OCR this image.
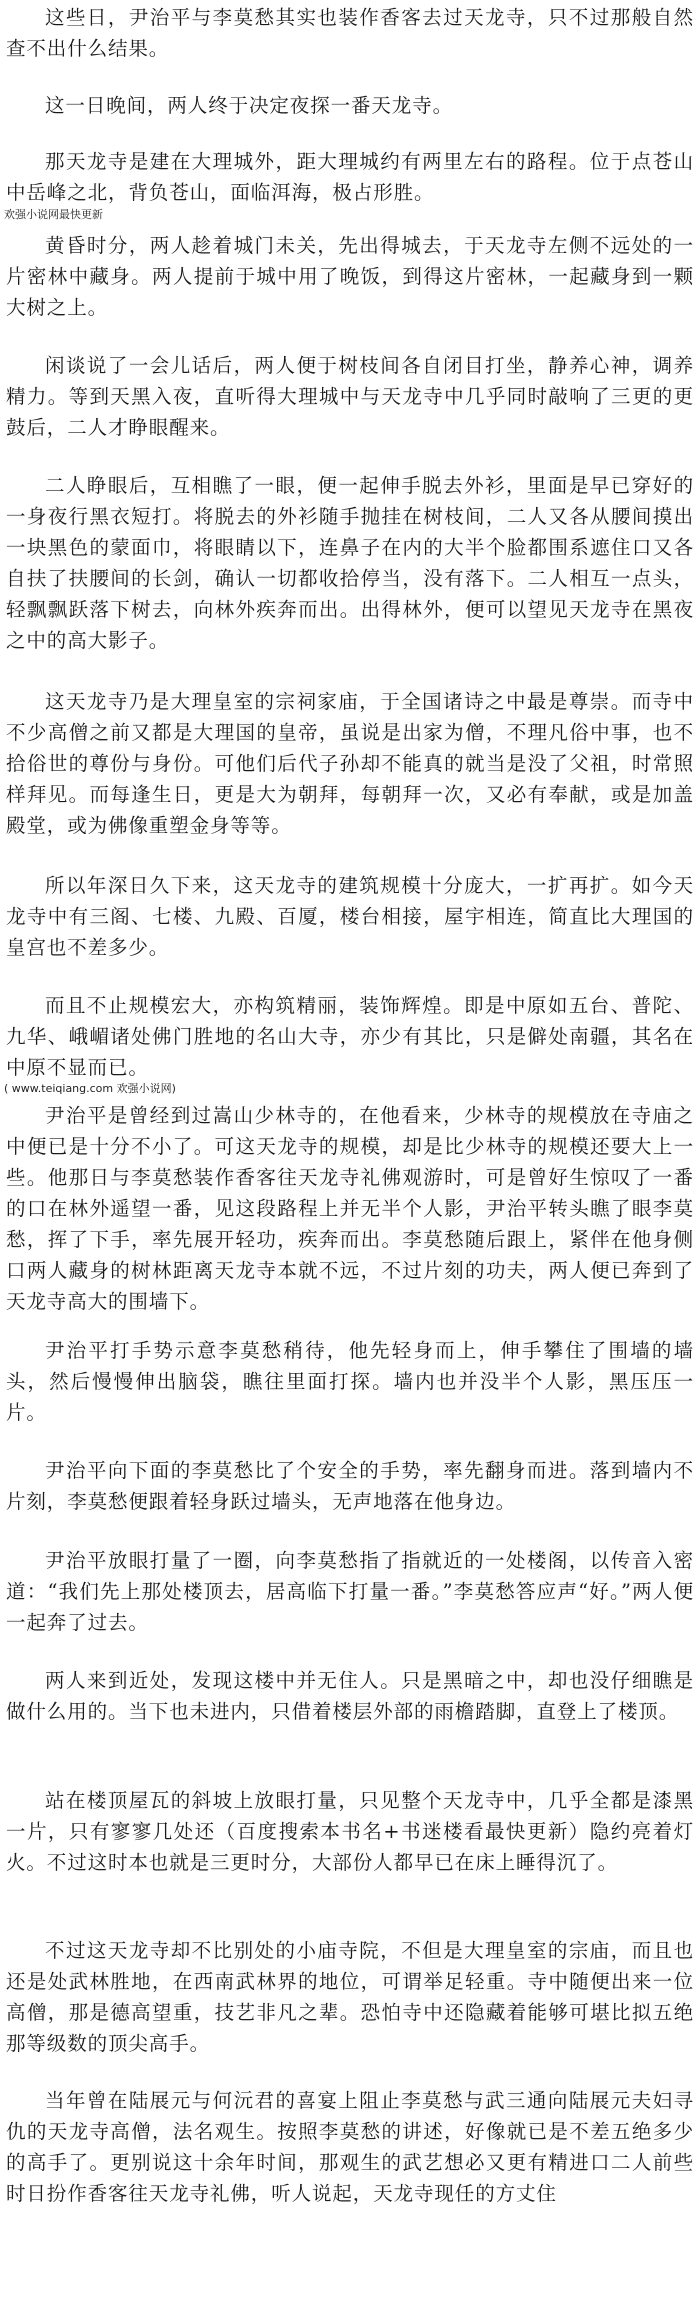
这些日，尹治平与李莫愁其实也装作香客去过天龙寺，只不过那般自然查不出什么结果。

这一日晚间，两人终于决定夜探一番天龙寺。

那天龙寺是建在大理城外，距大理城约有两里左右的路程。位于点苍山中岳峰之北，背负苍山，面临洱海，极占形胜。

欢强小说网最快更新

黄昏时分，两人趁着城门未关，先出得城去，于天龙寺左侧不远处的一片密林中藏身。两人提前于城中用了晚饭，到得这片密林，一起藏身到一颗大树之上。

闲谈说了一会儿话后，两人便于树枝间各自闭目打坐，静养心神，调养精力。等到天黑入夜，直听得大理城中与天龙寺中几乎同时敲响了三更的更鼓后，二人才睁眼醒来。

二人睁眼后，互相瞧了一眼，便一起伸手脱去外衫，里面是早已穿好的一身夜行黑衣短打。将脱去的外衫随手抛挂在树枝间，二人又各从腰间摸出一块黑色的蒙面巾，将眼睛以下，连鼻子在内的大半个脸都围系遮住口又各自扶了扶腰间的长剑，确认一切都收拾停当，没有落下。二人相互一点头，轻飘飘跃落下树去，向林外疾奔而出。出得林外，便可以望见天龙寺在黑夜之中的高大影子。

这天龙寺乃是大理皇室的宗祠家庙，于全国诸诗之中最是尊崇。而寺中不少高僧之前又都是大理国的皇帝，虽说是出家为僧，不理凡俗中事，也不拾俗世的尊份与身份。可他们后代子孙却不能真的就当是没了父祖，时常照样拜见。而每逢生日，更是大为朝拜，每朝拜一次，又必有奉献，或是加盖殿堂，或为佛像重塑金身等等。

所以年深日久下来，这天龙寺的建筑规模十分庞大，一扩再扩。如今天龙寺中有三阁、七楼、九殿、百厦，楼台相接，屋宇相连，简直比大理国的皇宫也不差多少。

而且不止规模宏大，亦构筑精丽，装饰辉煌。即是中原如五台、普陀、九华、峨嵋诸处佛门胜地的名山大寺，亦少有其比，只是僻处南疆，其名在中原不显而已。

( www.teiqiang.com 欢强小说网)

尹治平是曾经到过嵩山少林寺的，在他看来，少林寺的规模放在寺庙之中便已是十分不小了。可这天龙寺的规模，却是比少林寺的规模还要大上一些。他那日与李莫愁装作香客往天龙寺礼佛观游时，可是曾好生惊叹了一番的口在林外遥望一番，见这段路程上并无半个人影，尹治平转头瞧了眼李莫愁，挥了下手，率先展开轻功，疾奔而出。李莫愁随后跟上，紧伴在他身侧口两人藏身的树林距离天龙寺本就不远，不过片刻的功夫，两人便已奔到了天龙寺高大的围墙下。

尹治平打手势示意李莫愁稍待，他先轻身而上，伸手攀住了围墙的墙头，然后慢慢伸出脑袋，瞧往里面打探。墙内也并没半个人影，黑压压一片。

尹治平向下面的李莫愁比了个安全的手势，率先翻身而进。落到墙内不片刻，李莫愁便跟着轻身跃过墙头，无声地落在他身边。

尹治平放眼打量了一圈，向李莫愁指了指就近的一处楼阁，以传音入密道：“我们先上那处楼顶去，居高临下打量一番。”李莫愁答应声“好。”两人便一起奔了过去。

两人来到近处，发现这楼中并无住人。只是黑暗之中，却也没仔细瞧是做什么用的。当下也未进内，只借着楼层外部的雨檐踏脚，直登上了楼顶。

站在楼顶屋瓦的斜坡上放眼打量，只见整个天龙寺中，几乎全都是漆黑一片，只有寥寥几处还（百度搜索本书名+书迷楼看最快更新）隐约亮着灯火。不过这时本也就是三更时分，大部份人都早已在床上睡得沉了。

不过这天龙寺却不比别处的小庙寺院，不但是大理皇室的宗庙，而且也还是处武林胜地，在西南武林界的地位，可谓举足轻重。寺中随便出来一位高僧，那是德高望重，技艺非凡之辈。恐怕寺中还隐藏着能够可堪比拟五绝那等级数的顶尖高手。

当年曾在陆展元与何沅君的喜宴上阻止李莫愁与武三通向陆展元夫妇寻仇的天龙寺高僧，法名观生。按照李莫愁的讲述，好像就已是不差五绝多少的高手了。更别说这十余年时间，那观生的武艺想必又更有精进口二人前些时日扮作香客往天龙寺礼佛，听人说起，天龙寺现任的方丈住
